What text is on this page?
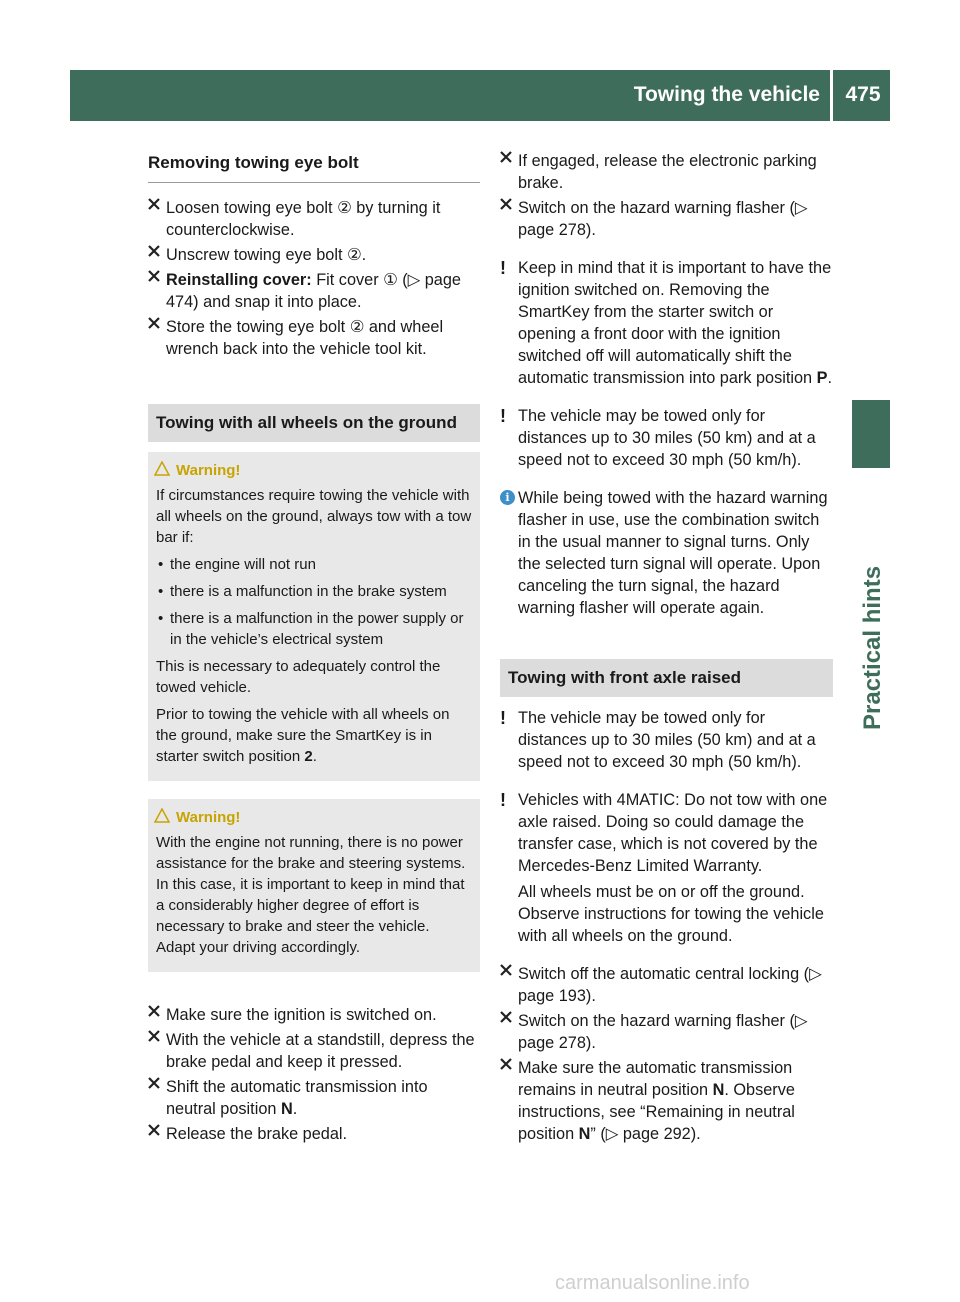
Towing the vehicle	475
Practical hints
Removing towing eye bolt
Loosen towing eye bolt ② by turning it counterclockwise.
Unscrew towing eye bolt ②.
Reinstalling cover: Fit cover ① (▷ page 474) and snap it into place.
Store the towing eye bolt ② and wheel wrench back into the vehicle tool kit.
Towing with all wheels on the ground
Warning!

If circumstances require towing the vehicle with all wheels on the ground, always tow with a tow bar if:

• the engine will not run
• there is a malfunction in the brake system
• there is a malfunction in the power supply or in the vehicle’s electrical system

This is necessary to adequately control the towed vehicle.

Prior to towing the vehicle with all wheels on the ground, make sure the SmartKey is in starter switch position 2.

Warning!

With the engine not running, there is no power assistance for the brake and steering systems. In this case, it is important to keep in mind that a considerably higher degree of effort is necessary to brake and steer the vehicle. Adapt your driving accordingly.

Make sure the ignition is switched on.
With the vehicle at a standstill, depress the brake pedal and keep it pressed.
Shift the automatic transmission into neutral position N.
Release the brake pedal.
If engaged, release the electronic parking brake.
Switch on the hazard warning flasher (▷ page 278).
! Keep in mind that it is important to have the ignition switched on. Removing the SmartKey from the starter switch or opening a front door with the ignition switched off will automatically shift the automatic transmission into park position P.
! The vehicle may be towed only for distances up to 30 miles (50 km) and at a speed not to exceed 30 mph (50 km/h).
i While being towed with the hazard warning flasher in use, use the combination switch in the usual manner to signal turns. Only the selected turn signal will operate. Upon canceling the turn signal, the hazard warning flasher will operate again.
Towing with front axle raised
! The vehicle may be towed only for distances up to 30 miles (50 km) and at a speed not to exceed 30 mph (50 km/h).
! Vehicles with 4MATIC: Do not tow with one axle raised. Doing so could damage the transfer case, which is not covered by the Mercedes-Benz Limited Warranty.
All wheels must be on or off the ground. Observe instructions for towing the vehicle with all wheels on the ground.
Switch off the automatic central locking (▷ page 193).
Switch on the hazard warning flasher (▷ page 278).
Make sure the automatic transmission remains in neutral position N. Observe instructions, see “Remaining in neutral position N” (▷ page 292).
carmanualsonline.info
